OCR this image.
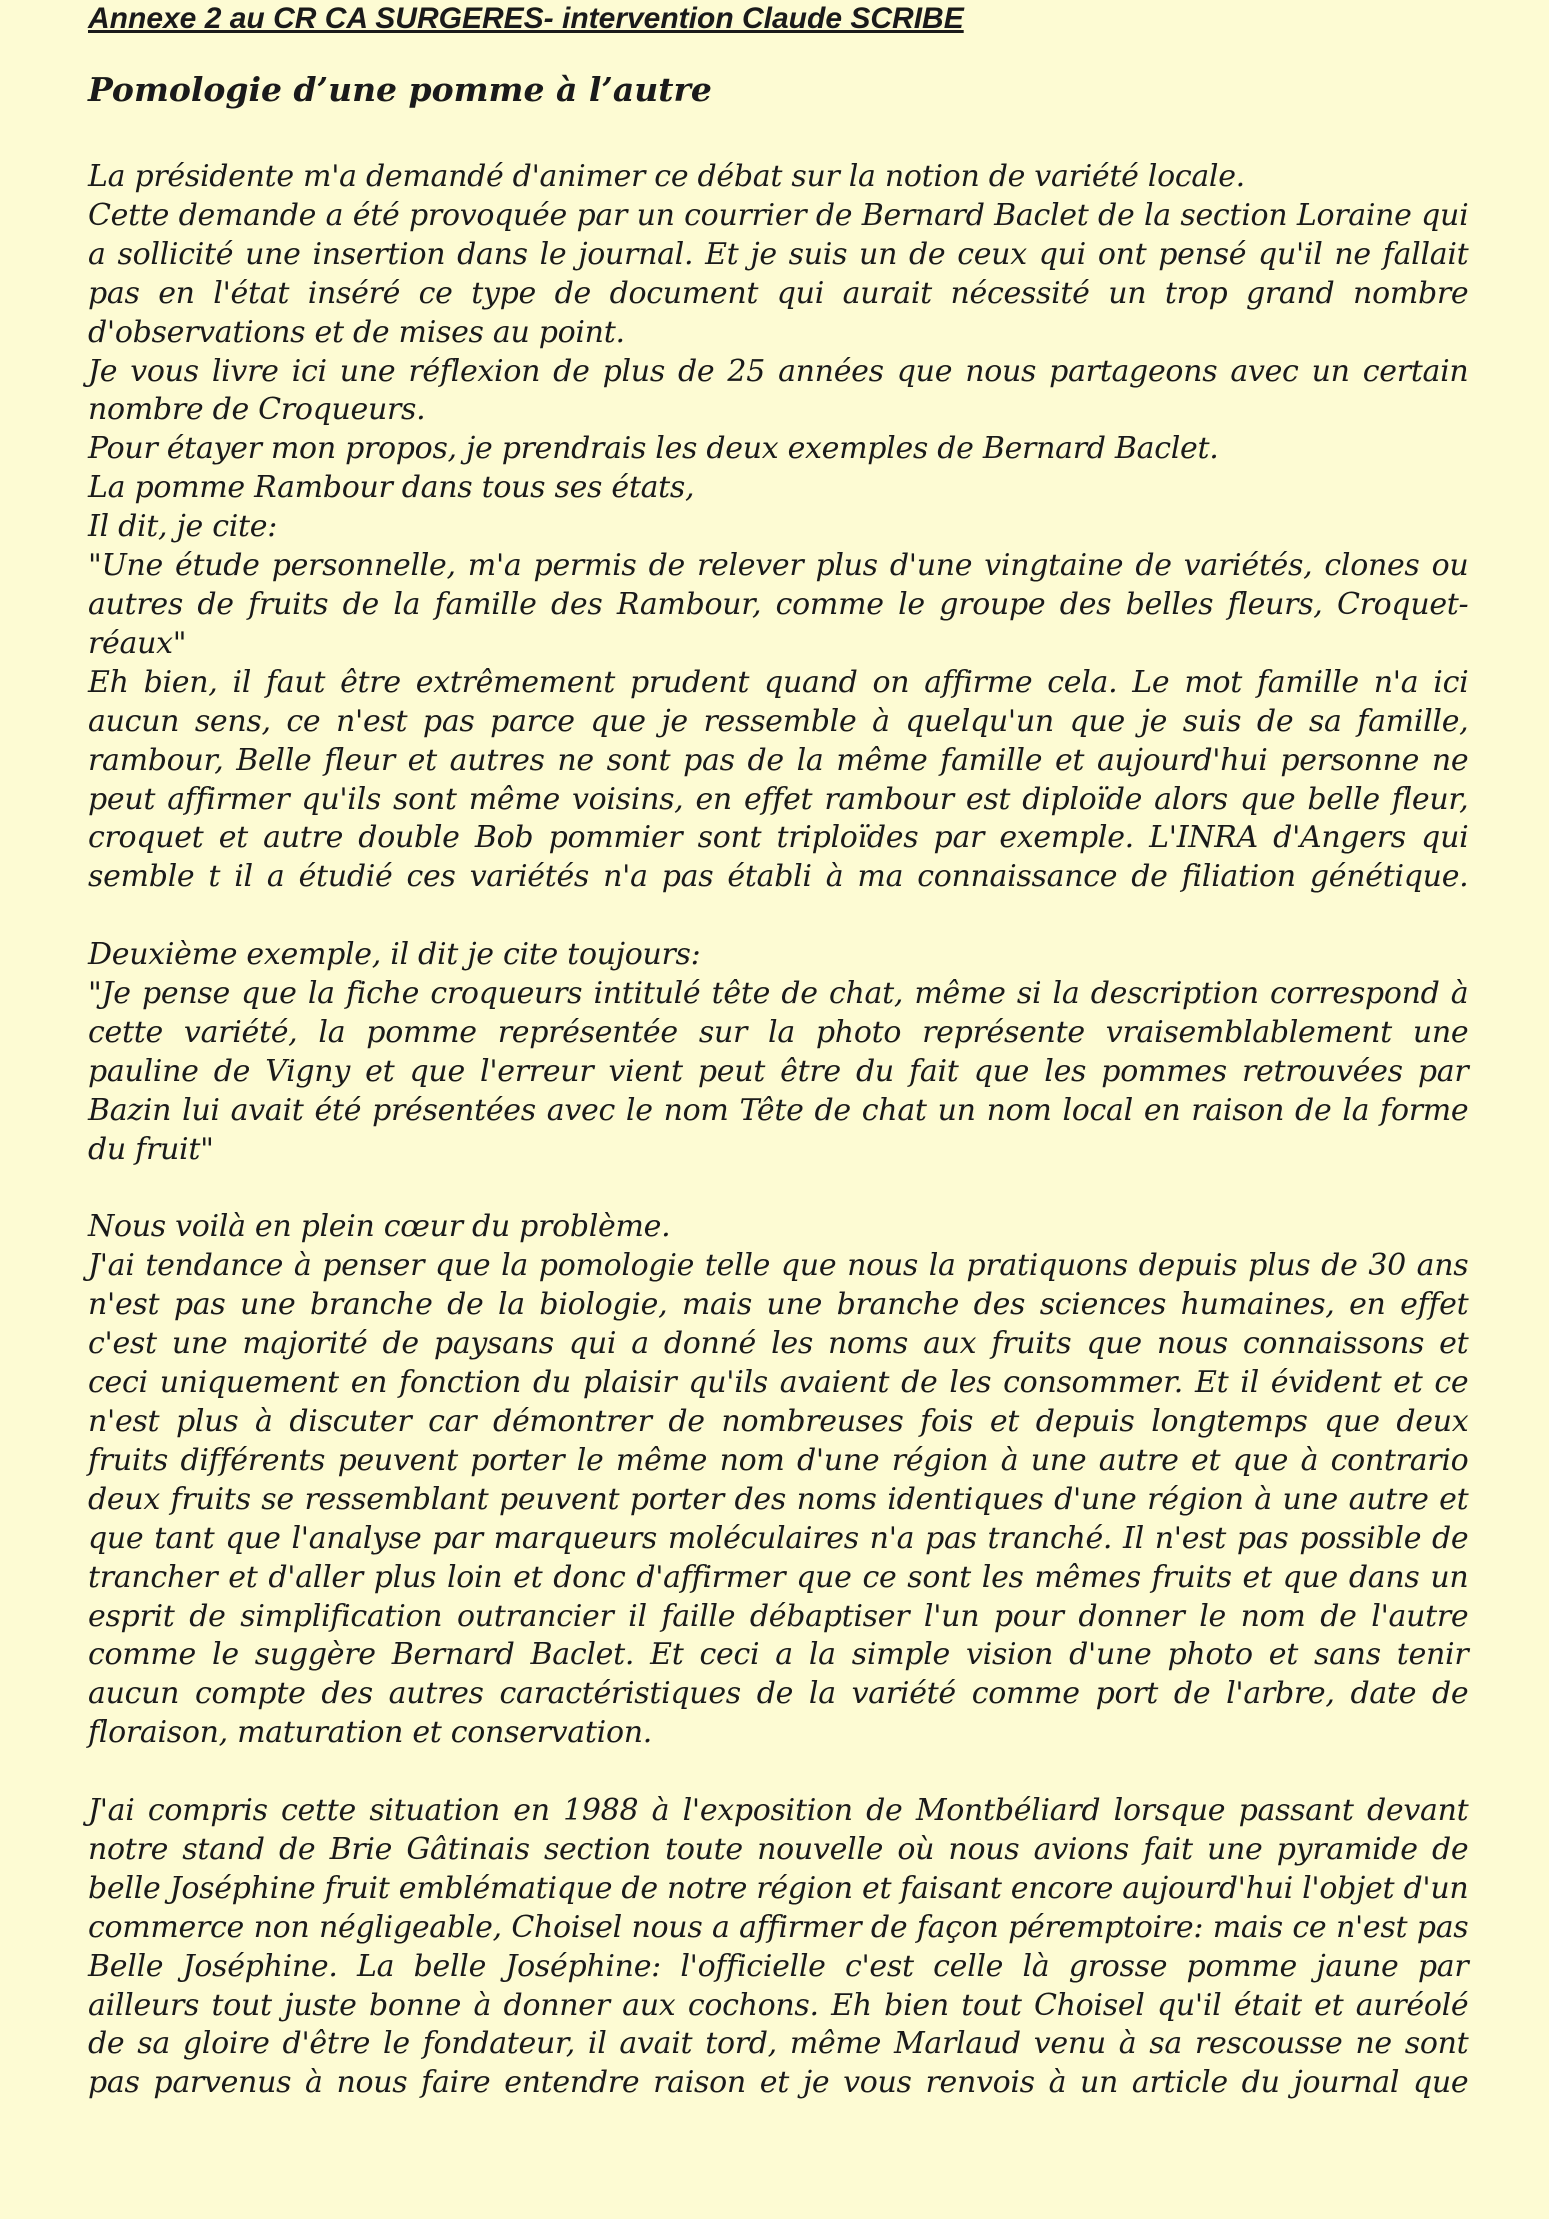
Annexe 2 au CR CA SURGERES- intervention Claude SCRIBE
Pomologie d’une pomme à l’autre
La présidente m'a demandé d'animer ce débat sur la notion de variété locale.
Cette demande a été provoquée par un courrier de Bernard Baclet de la section Loraine qui
a sollicité une insertion dans le journal. Et je suis un de ceux qui ont pensé qu'il ne fallait
pas en l'état inséré ce type de document qui aurait nécessité un trop grand nombre
d'observations et de mises au point.
Je vous livre ici une réflexion de plus de 25 années que nous partageons avec un certain
nombre de Croqueurs.
Pour étayer mon propos, je prendrais les deux exemples de Bernard Baclet.
La pomme Rambour dans tous ses états,
Il dit, je cite:
"Une étude personnelle, m'a permis de relever plus d'une vingtaine de variétés, clones ou
autres de fruits de la famille des Rambour, comme le groupe des belles fleurs, Croquet-
réaux"
Eh bien, il faut être extrêmement prudent quand on affirme cela. Le mot famille n'a ici
aucun sens, ce n'est pas parce que je ressemble à quelqu'un que je suis de sa famille,
rambour, Belle fleur et autres ne sont pas de la même famille et aujourd'hui personne ne
peut affirmer qu'ils sont même voisins, en effet rambour est diploïde alors que belle fleur,
croquet et autre double Bob pommier sont triploïdes par exemple. L'INRA d'Angers qui
semble t il a étudié ces variétés n'a pas établi à ma connaissance de filiation génétique.
Deuxième exemple, il dit je cite toujours:
"Je pense que la fiche croqueurs intitulé tête de chat, même si la description correspond à
cette variété, la pomme représentée sur la photo représente vraisemblablement une
pauline de Vigny et que l'erreur vient peut être du fait que les pommes retrouvées par
Bazin lui avait été présentées avec le nom Tête de chat un nom local en raison de la forme
du fruit"
Nous voilà en plein cœur du problème.
J'ai tendance à penser que la pomologie telle que nous la pratiquons depuis plus de 30 ans
n'est pas une branche de la biologie, mais une branche des sciences humaines, en effet
c'est une majorité de paysans qui a donné les noms aux fruits que nous connaissons et
ceci uniquement en fonction du plaisir qu'ils avaient de les consommer. Et il évident et ce
n'est plus à discuter car démontrer de nombreuses fois et depuis longtemps que deux
fruits différents peuvent porter le même nom d'une région à une autre et que à contrario
deux fruits se ressemblant peuvent porter des noms identiques d'une région à une autre et
que tant que l'analyse par marqueurs moléculaires n'a pas tranché. Il n'est pas possible de
trancher et d'aller plus loin et donc d'affirmer que ce sont les mêmes fruits et que dans un
esprit de simplification outrancier il faille débaptiser l'un pour donner le nom de l'autre
comme le suggère Bernard Baclet. Et ceci a la simple vision d'une photo et sans tenir
aucun compte des autres caractéristiques de la variété comme port de l'arbre, date de
floraison, maturation et conservation.
J'ai compris cette situation en 1988 à l'exposition de Montbéliard lorsque passant devant
notre stand de Brie Gâtinais section toute nouvelle où nous avions fait une pyramide de
belle Joséphine fruit emblématique de notre région et faisant encore aujourd'hui l'objet d'un
commerce non négligeable, Choisel nous a affirmer de façon péremptoire: mais ce n'est pas
Belle Joséphine. La belle Joséphine: l'officielle c'est celle là grosse pomme jaune par
ailleurs tout juste bonne à donner aux cochons. Eh bien tout Choisel qu'il était et auréolé
de sa gloire d'être le fondateur, il avait tord, même Marlaud venu à sa rescousse ne sont
pas parvenus à nous faire entendre raison et je vous renvois à un article du journal que
